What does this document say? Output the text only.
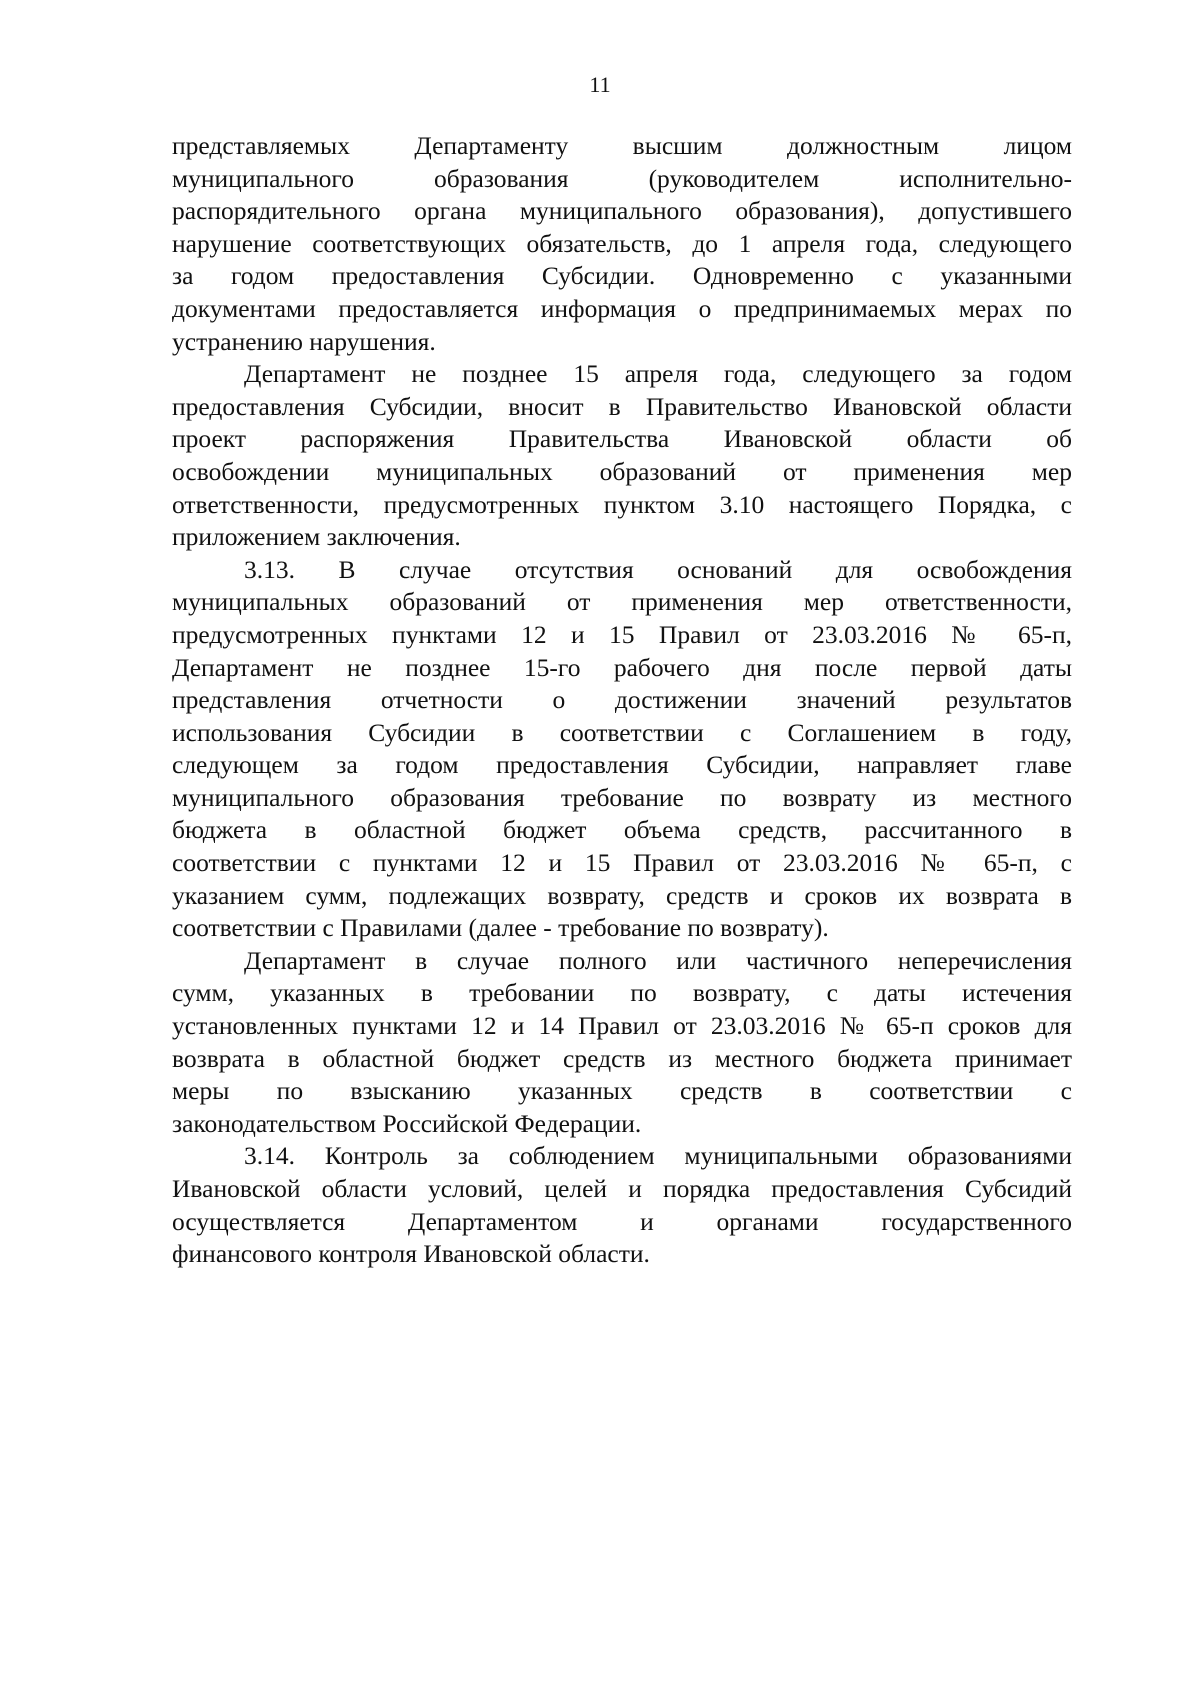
11
представляемых Департаменту высшим должностным лицом
муниципального образования (руководителем исполнительно-
распорядительного органа муниципального образования), допустившего
нарушение соответствующих обязательств, до 1 апреля года, следующего
за годом предоставления Субсидии. Одновременно с указанными
документами предоставляется информация о предпринимаемых мерах по
устранению нарушения.
Департамент не позднее 15 апреля года, следующего за годом
предоставления Субсидии, вносит в Правительство Ивановской области
проект распоряжения Правительства Ивановской области об
освобождении муниципальных образований от применения мер
ответственности, предусмотренных пунктом 3.10 настоящего Порядка, с
приложением заключения.
3.13. В случае отсутствия оснований для освобождения
муниципальных образований от применения мер ответственности,
предусмотренных пунктами 12 и 15 Правил от 23.03.2016 № 65-п,
Департамент не позднее 15-го рабочего дня после первой даты
представления отчетности о достижении значений результатов
использования Субсидии в соответствии с Соглашением в году,
следующем за годом предоставления Субсидии, направляет главе
муниципального образования требование по возврату из местного
бюджета в областной бюджет объема средств, рассчитанного в
соответствии с пунктами 12 и 15 Правил от 23.03.2016 № 65-п, с
указанием сумм, подлежащих возврату, средств и сроков их возврата в
соответствии с Правилами (далее - требование по возврату).
Департамент в случае полного или частичного неперечисления
сумм, указанных в требовании по возврату, с даты истечения
установленных пунктами 12 и 14 Правил от 23.03.2016 № 65-п сроков для
возврата в областной бюджет средств из местного бюджета принимает
меры по взысканию указанных средств в соответствии с
законодательством Российской Федерации.
3.14. Контроль за соблюдением муниципальными образованиями
Ивановской области условий, целей и порядка предоставления Субсидий
осуществляется Департаментом и органами государственного
финансового контроля Ивановской области.
